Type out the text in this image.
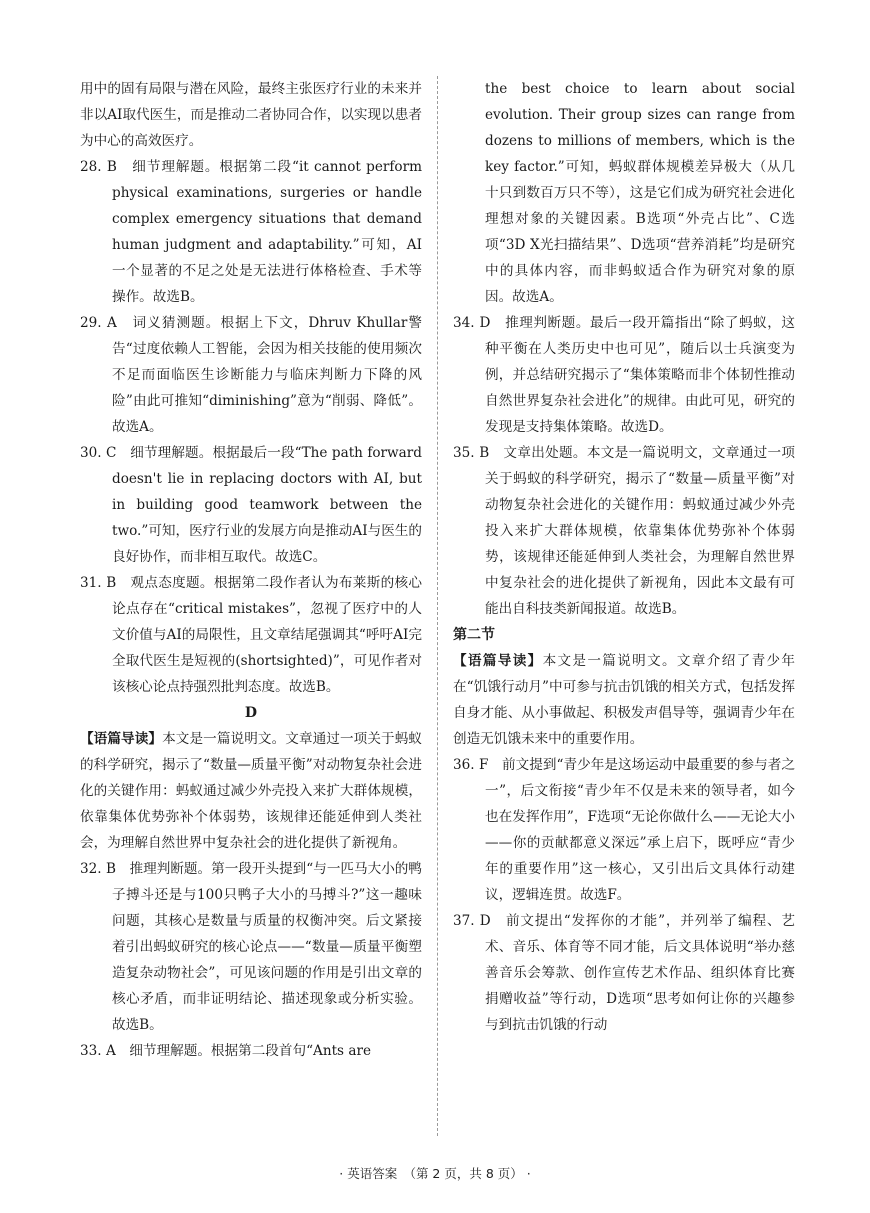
用中的固有局限与潜在风险，最终主张医疗行业的未来并非以AI取代医生，而是推动二者协同合作，以实现以患者为中心的高效医疗。

28. B　细节理解题。根据第二段“it cannot perform physical examinations, surgeries or handle complex emergency situations that demand human judgment and adaptability.”可知，AI一个显著的不足之处是无法进行体格检查、手术等操作。故选B。

29. A　词义猜测题。根据上下文，Dhruv Khullar警告“过度依赖人工智能，会因为相关技能的使用频次不足而面临医生诊断能力与临床判断力下降的风险”由此可推知“diminishing”意为“削弱、降低”。故选A。

30. C　细节理解题。根据最后一段“The path forward doesn't lie in replacing doctors with AI, but in building good teamwork between the two.”可知，医疗行业的发展方向是推动AI与医生的良好协作，而非相互取代。故选C。

31. B　观点态度题。根据第二段作者认为布莱斯的核心论点存在“critical mistakes”，忽视了医疗中的人文价值与AI的局限性，且文章结尾强调其“呼吁AI完全取代医生是短视的(shortsighted)”，可见作者对该核心论点持强烈批判态度。故选B。

D

【语篇导读】本文是一篇说明文。文章通过一项关于蚂蚁的科学研究，揭示了“数量—质量平衡”对动物复杂社会进化的关键作用：蚂蚁通过减少外壳投入来扩大群体规模，依靠集体优势弥补个体弱势，该规律还能延伸到人类社会，为理解自然世界中复杂社会的进化提供了新视角。

32. B　推理判断题。第一段开头提到“与一匹马大小的鸭子搏斗还是与100只鸭子大小的马搏斗?”这一趣味问题，其核心是数量与质量的权衡冲突。后文紧接着引出蚂蚁研究的核心论点——“数量—质量平衡塑造复杂动物社会”，可见该问题的作用是引出文章的核心矛盾，而非证明结论、描述现象或分析实验。故选B。

33. A　细节理解题。根据第二段首句“Ants are

the best choice to learn about social evolution. Their group sizes can range from dozens to millions of members, which is the key factor.”可知，蚂蚁群体规模差异极大（从几十只到数百万只不等），这是它们成为研究社会进化理想对象的关键因素。B选项“外壳占比”、C选项“3D X光扫描结果”、D选项“营养消耗”均是研究中的具体内容，而非蚂蚁适合作为研究对象的原因。故选A。

34. D　推理判断题。最后一段开篇指出“除了蚂蚁，这种平衡在人类历史中也可见”，随后以士兵演变为例，并总结研究揭示了“集体策略而非个体韧性推动自然世界复杂社会进化”的规律。由此可见，研究的发现是支持集体策略。故选D。

35. B　文章出处题。本文是一篇说明文，文章通过一项关于蚂蚁的科学研究，揭示了“数量—质量平衡”对动物复杂社会进化的关键作用：蚂蚁通过减少外壳投入来扩大群体规模，依靠集体优势弥补个体弱势，该规律还能延伸到人类社会，为理解自然世界中复杂社会的进化提供了新视角，因此本文最有可能出自科技类新闻报道。故选B。

第二节

【语篇导读】本文是一篇说明文。文章介绍了青少年在“饥饿行动月”中可参与抗击饥饿的相关方式，包括发挥自身才能、从小事做起、积极发声倡导等，强调青少年在创造无饥饿未来中的重要作用。

36. F　前文提到“青少年是这场运动中最重要的参与者之一”，后文衔接“青少年不仅是未来的领导者，如今也在发挥作用”，F选项“无论你做什么——无论大小——你的贡献都意义深远”承上启下，既呼应“青少年的重要作用”这一核心，又引出后文具体行动建议，逻辑连贯。故选F。

37. D　前文提出“发挥你的才能”，并列举了编程、艺术、音乐、体育等不同才能，后文具体说明“举办慈善音乐会筹款、创作宣传艺术作品、组织体育比赛捐赠收益”等行动，D选项“思考如何让你的兴趣参与到抗击饥饿的行动

· 英语答案　（第 2 页，共 8 页） ·
